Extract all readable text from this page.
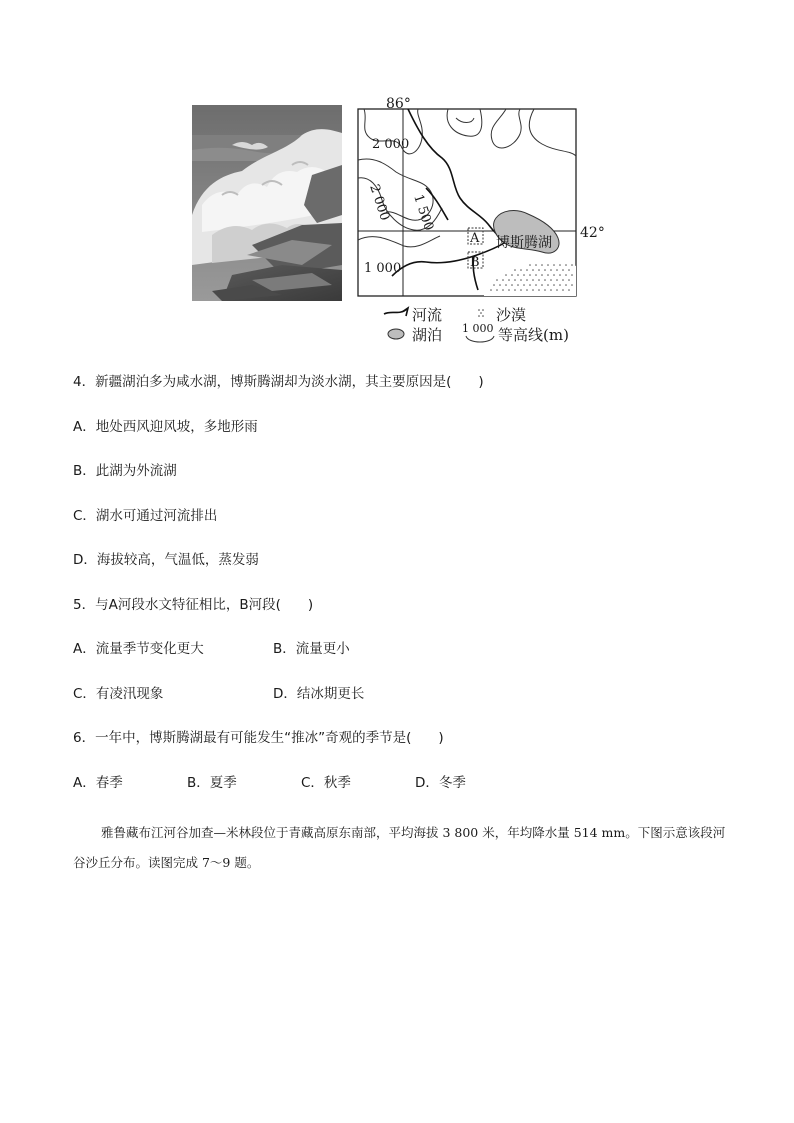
86°
42°
A
B
博斯腾湖
2 000
2 000 1 500
1 000
河流	沙漠
湖泊 1 000 等高线(m)
4．新疆湖泊多为咸水湖，博斯腾湖却为淡水湖，其主要原因是(　　)
A．地处西风迎风坡，多地形雨
B．此湖为外流湖
C．湖水可通过河流排出
D．海拔较高，气温低，蒸发弱
5．与A河段水文特征相比，B河段(　　)
A．流量季节变化更大	B．流量更小
C．有凌汛现象	D．结冰期更长
6．一年中，博斯腾湖最有可能发生“推冰”奇观的季节是(　　)
A．春季	B．夏季	C．秋季	D．冬季
雅鲁藏布江河谷加查—米林段位于青藏高原东南部，平均海拔 3 800 米，年均降水量 514 mm。下图示意该段河谷沙丘分布。读图完成 7～9 题。
